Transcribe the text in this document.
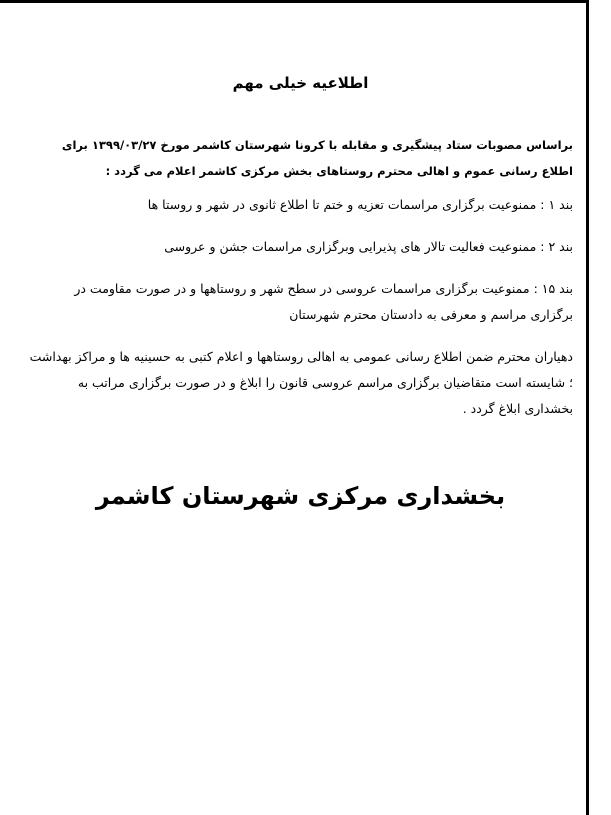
اطلاعیه خیلی مهم

براساس مصوبات ستاد پیشگیری و مقابله با کرونا شهرستان کاشمر مورخ ۱۳۹۹/۰۳/۲۷ برای اطلاع رسانی عموم و اهالی محترم روستاهای بخش مرکزی کاشمر اعلام می گردد :

بند ۱ : ممنوعیت برگزاری مراسمات تعزیه و ختم تا اطلاع ثانوی در شهر و روستا ها

بند ۲ : ممنوعیت فعالیت تالار های پذیرایی وبرگزاری مراسمات جشن و عروسی

بند ۱۵ : ممنوعیت برگزاری مراسمات عروسی در سطح شهر و روستاهها و در صورت مقاومت در برگزاری مراسم و معرفی به دادستان محترم شهرستان

دهیاران محترم ضمن اطلاع رسانی عمومی به اهالی روستاهها و اعلام کتبی به حسینیه ها و مراکز بهداشت ؛ شایسته است متقاضیان برگزاری مراسم عروسی قانون را ابلاغ و در صورت برگزاری مراتب به بخشداری ابلاغ گردد .

بخشداری مرکزی شهرستان کاشمر
